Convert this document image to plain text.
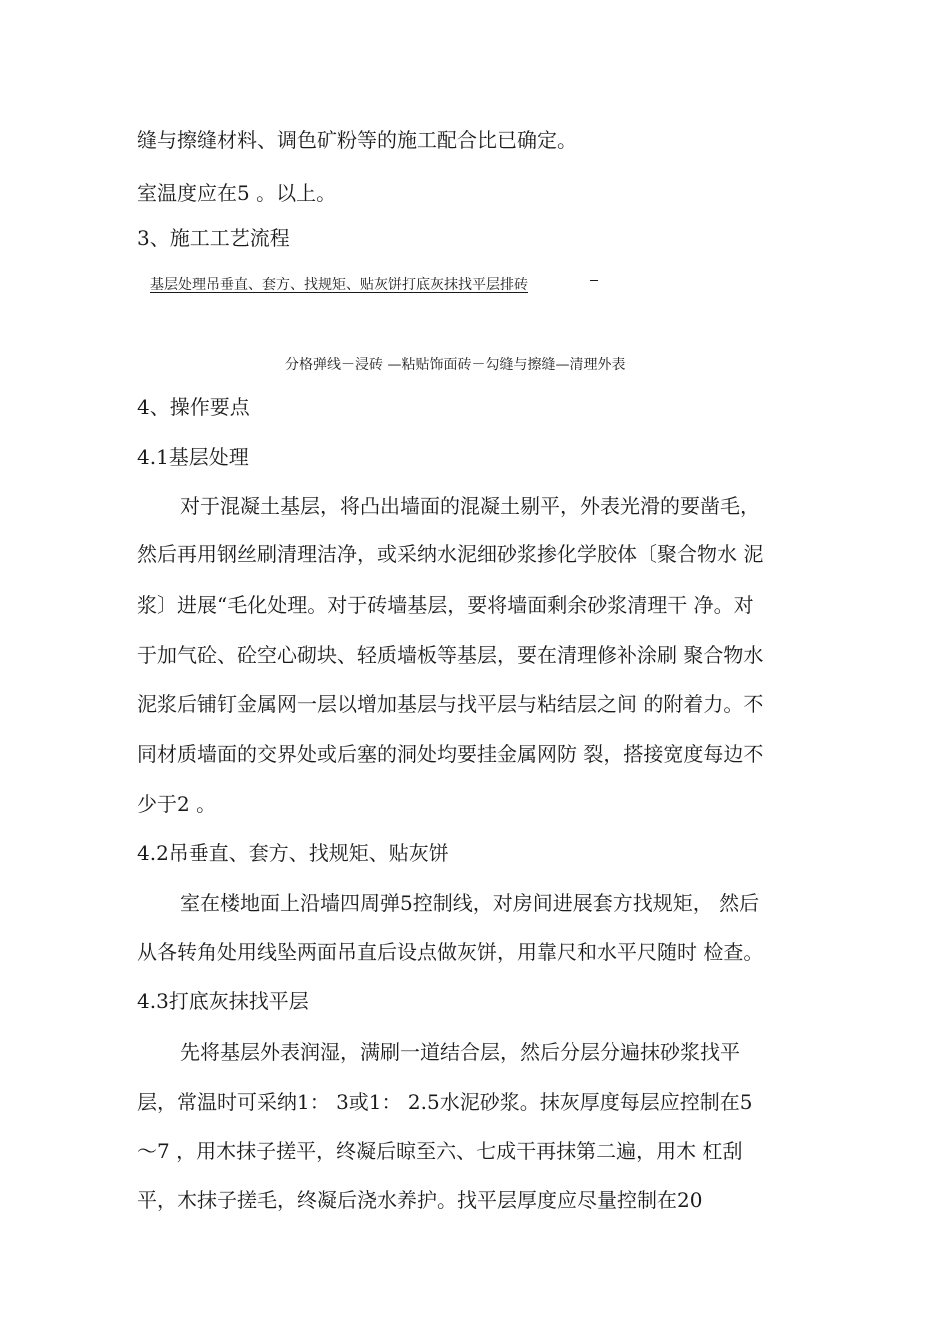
缝与擦缝材料、调色矿粉等的施工配合比已确定。
室温度应在5 。以上。
3、施工工艺流程
基层处理吊垂直、套方、找规矩、贴灰饼打底灰抹找平层排砖
分格弹线－浸砖 —粘贴饰面砖－勾缝与擦缝—清理外表
4、操作要点
4.1基层处理
对于混凝土基层，将凸出墙面的混凝土剔平，外表光滑的要凿毛，
然后再用钢丝刷清理洁净，或采纳水泥细砂浆掺化学胶体〔聚合物水 泥
浆〕进展“毛化处理。对于砖墙基层，要将墙面剩余砂浆清理干 净。对
于加气砼、砼空心砌块、轻质墙板等基层，要在清理修补涂刷 聚合物水
泥浆后铺钉金属网一层以增加基层与找平层与粘结层之间 的附着力。不
同材质墙面的交界处或后塞的洞处均要挂金属网防 裂，搭接宽度每边不
少于2 。
4.2吊垂直、套方、找规矩、贴灰饼
室在楼地面上沿墙四周弹5控制线，对房间进展套方找规矩， 然后
从各转角处用线坠两面吊直后设点做灰饼，用靠尺和水平尺随时 检查。
4.3打底灰抹找平层
先将基层外表润湿，满刷一道结合层，然后分层分遍抹砂浆找平
层，常温时可采纳1： 3或1： 2.5水泥砂浆。抹灰厚度每层应控制在5
〜7 ，用木抹子搓平，终凝后晾至六、七成干再抹第二遍，用木 杠刮
平，木抹子搓毛，终凝后浇水养护。找平层厚度应尽量控制在20
